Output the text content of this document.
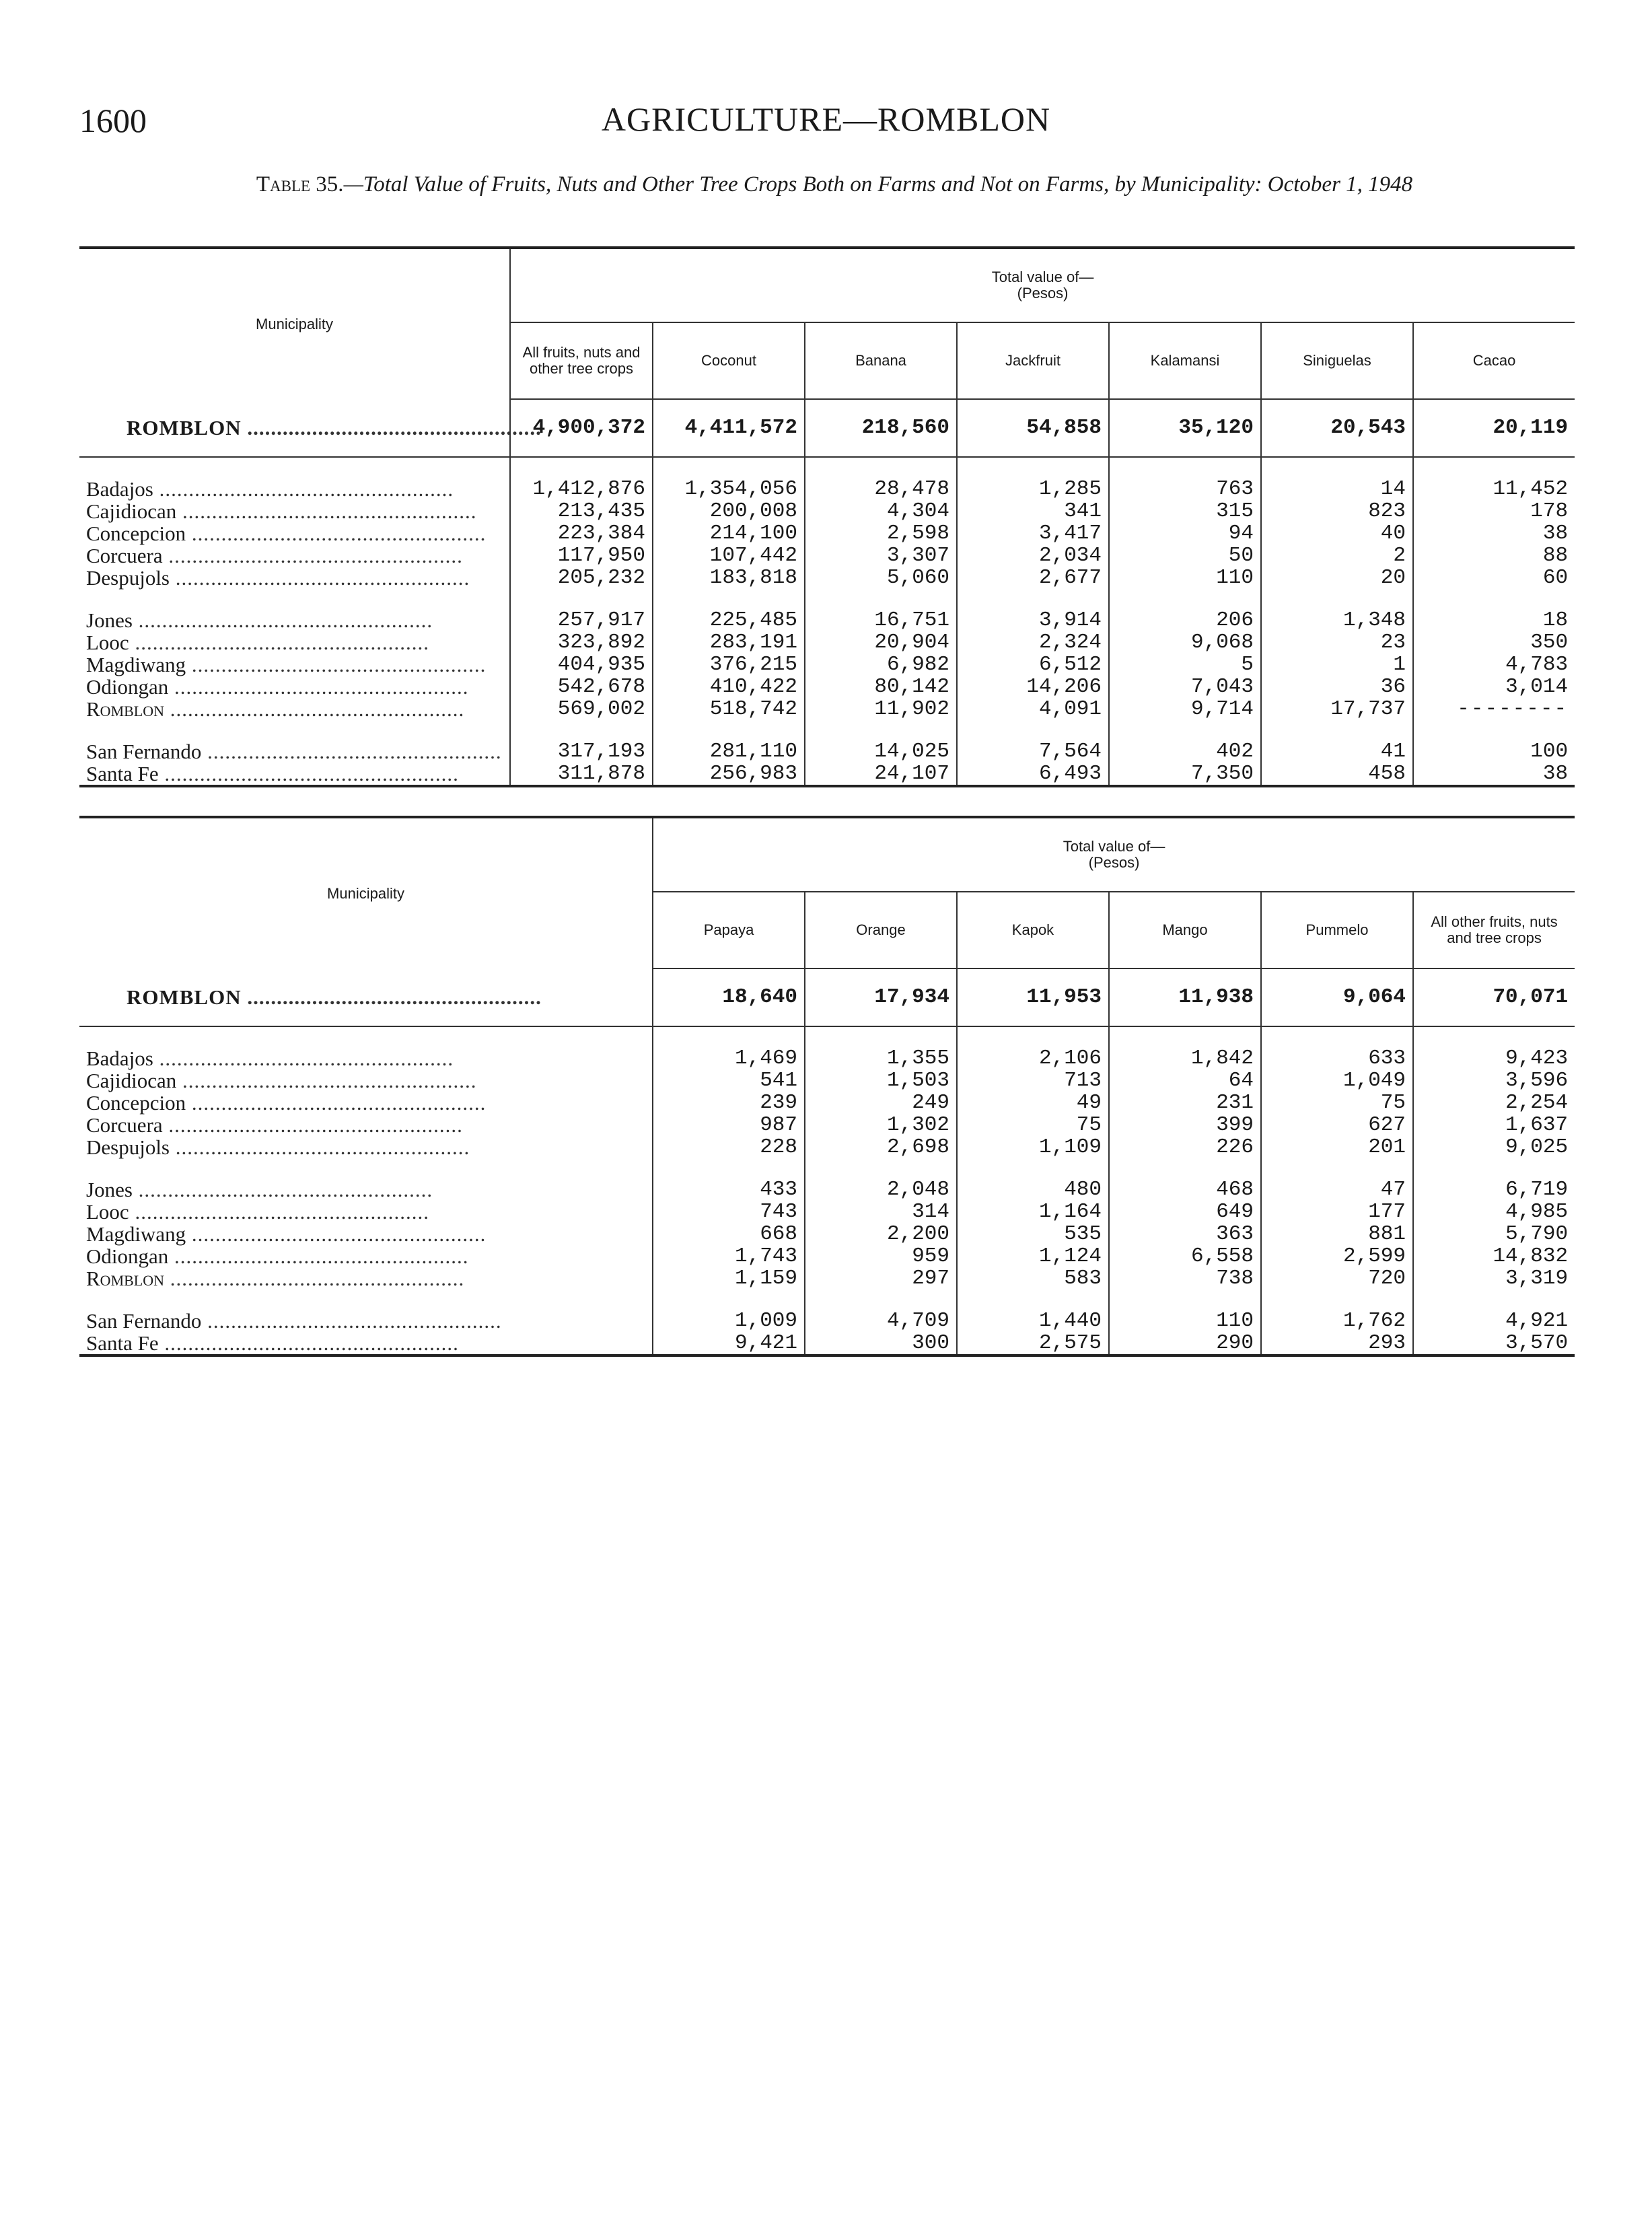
1600	AGRICULTURE—ROMBLON
Table 35.—Total Value of Fruits, Nuts and Other Tree Crops Both on Farms and Not on Farms, by Municipality: October 1, 1948
Municipality	Total value of—
(Pesos)						

	All fruits, nuts and other tree crops	Coconut	Banana	Jackfruit	Kalamansi	Siniguelas	Cacao
ROMBLON ..................................................	4,900,372	4,411,572	218,560	54,858	35,120	20,543	20,119

Badajos ..................................................	1,412,876	1,354,056	28,478	1,285	763	14	11,452
Cajidiocan ..................................................	213,435	200,008	4,304	341	315	823	178
Concepcion ..................................................	223,384	214,100	2,598	3,417	94	40	38
Corcuera ..................................................	117,950	107,442	3,307	2,034	50	2	88
Despujols ..................................................	205,232	183,818	5,060	2,677	110	20	60

Jones ..................................................	257,917	225,485	16,751	3,914	206	1,348	18
Looc ..................................................	323,892	283,191	20,904	2,324	9,068	23	350
Magdiwang ..................................................	404,935	376,215	6,982	6,512	5	1	4,783
Odiongan ..................................................	542,678	410,422	80,142	14,206	7,043	36	3,014
Romblon ..................................................	569,002	518,742	11,902	4,091	9,714	17,737	--------

San Fernando ..................................................	317,193	281,110	14,025	7,564	402	41	100
Santa Fe ..................................................	311,878	256,983	24,107	6,493	7,350	458	38
Municipality	Total value of—
(Pesos)					

	Papaya	Orange	Kapok	Mango	Pummelo	All other fruits, nuts and tree crops
ROMBLON ..................................................	18,640	17,934	11,953	11,938	9,064	70,071

Badajos ..................................................	1,469	1,355	2,106	1,842	633	9,423
Cajidiocan ..................................................	541	1,503	713	64	1,049	3,596
Concepcion ..................................................	239	249	49	231	75	2,254
Corcuera ..................................................	987	1,302	75	399	627	1,637
Despujols ..................................................	228	2,698	1,109	226	201	9,025

Jones ..................................................	433	2,048	480	468	47	6,719
Looc ..................................................	743	314	1,164	649	177	4,985
Magdiwang ..................................................	668	2,200	535	363	881	5,790
Odiongan ..................................................	1,743	959	1,124	6,558	2,599	14,832
Romblon ..................................................	1,159	297	583	738	720	3,319

San Fernando ..................................................	1,009	4,709	1,440	110	1,762	4,921
Santa Fe ..................................................	9,421	300	2,575	290	293	3,570
